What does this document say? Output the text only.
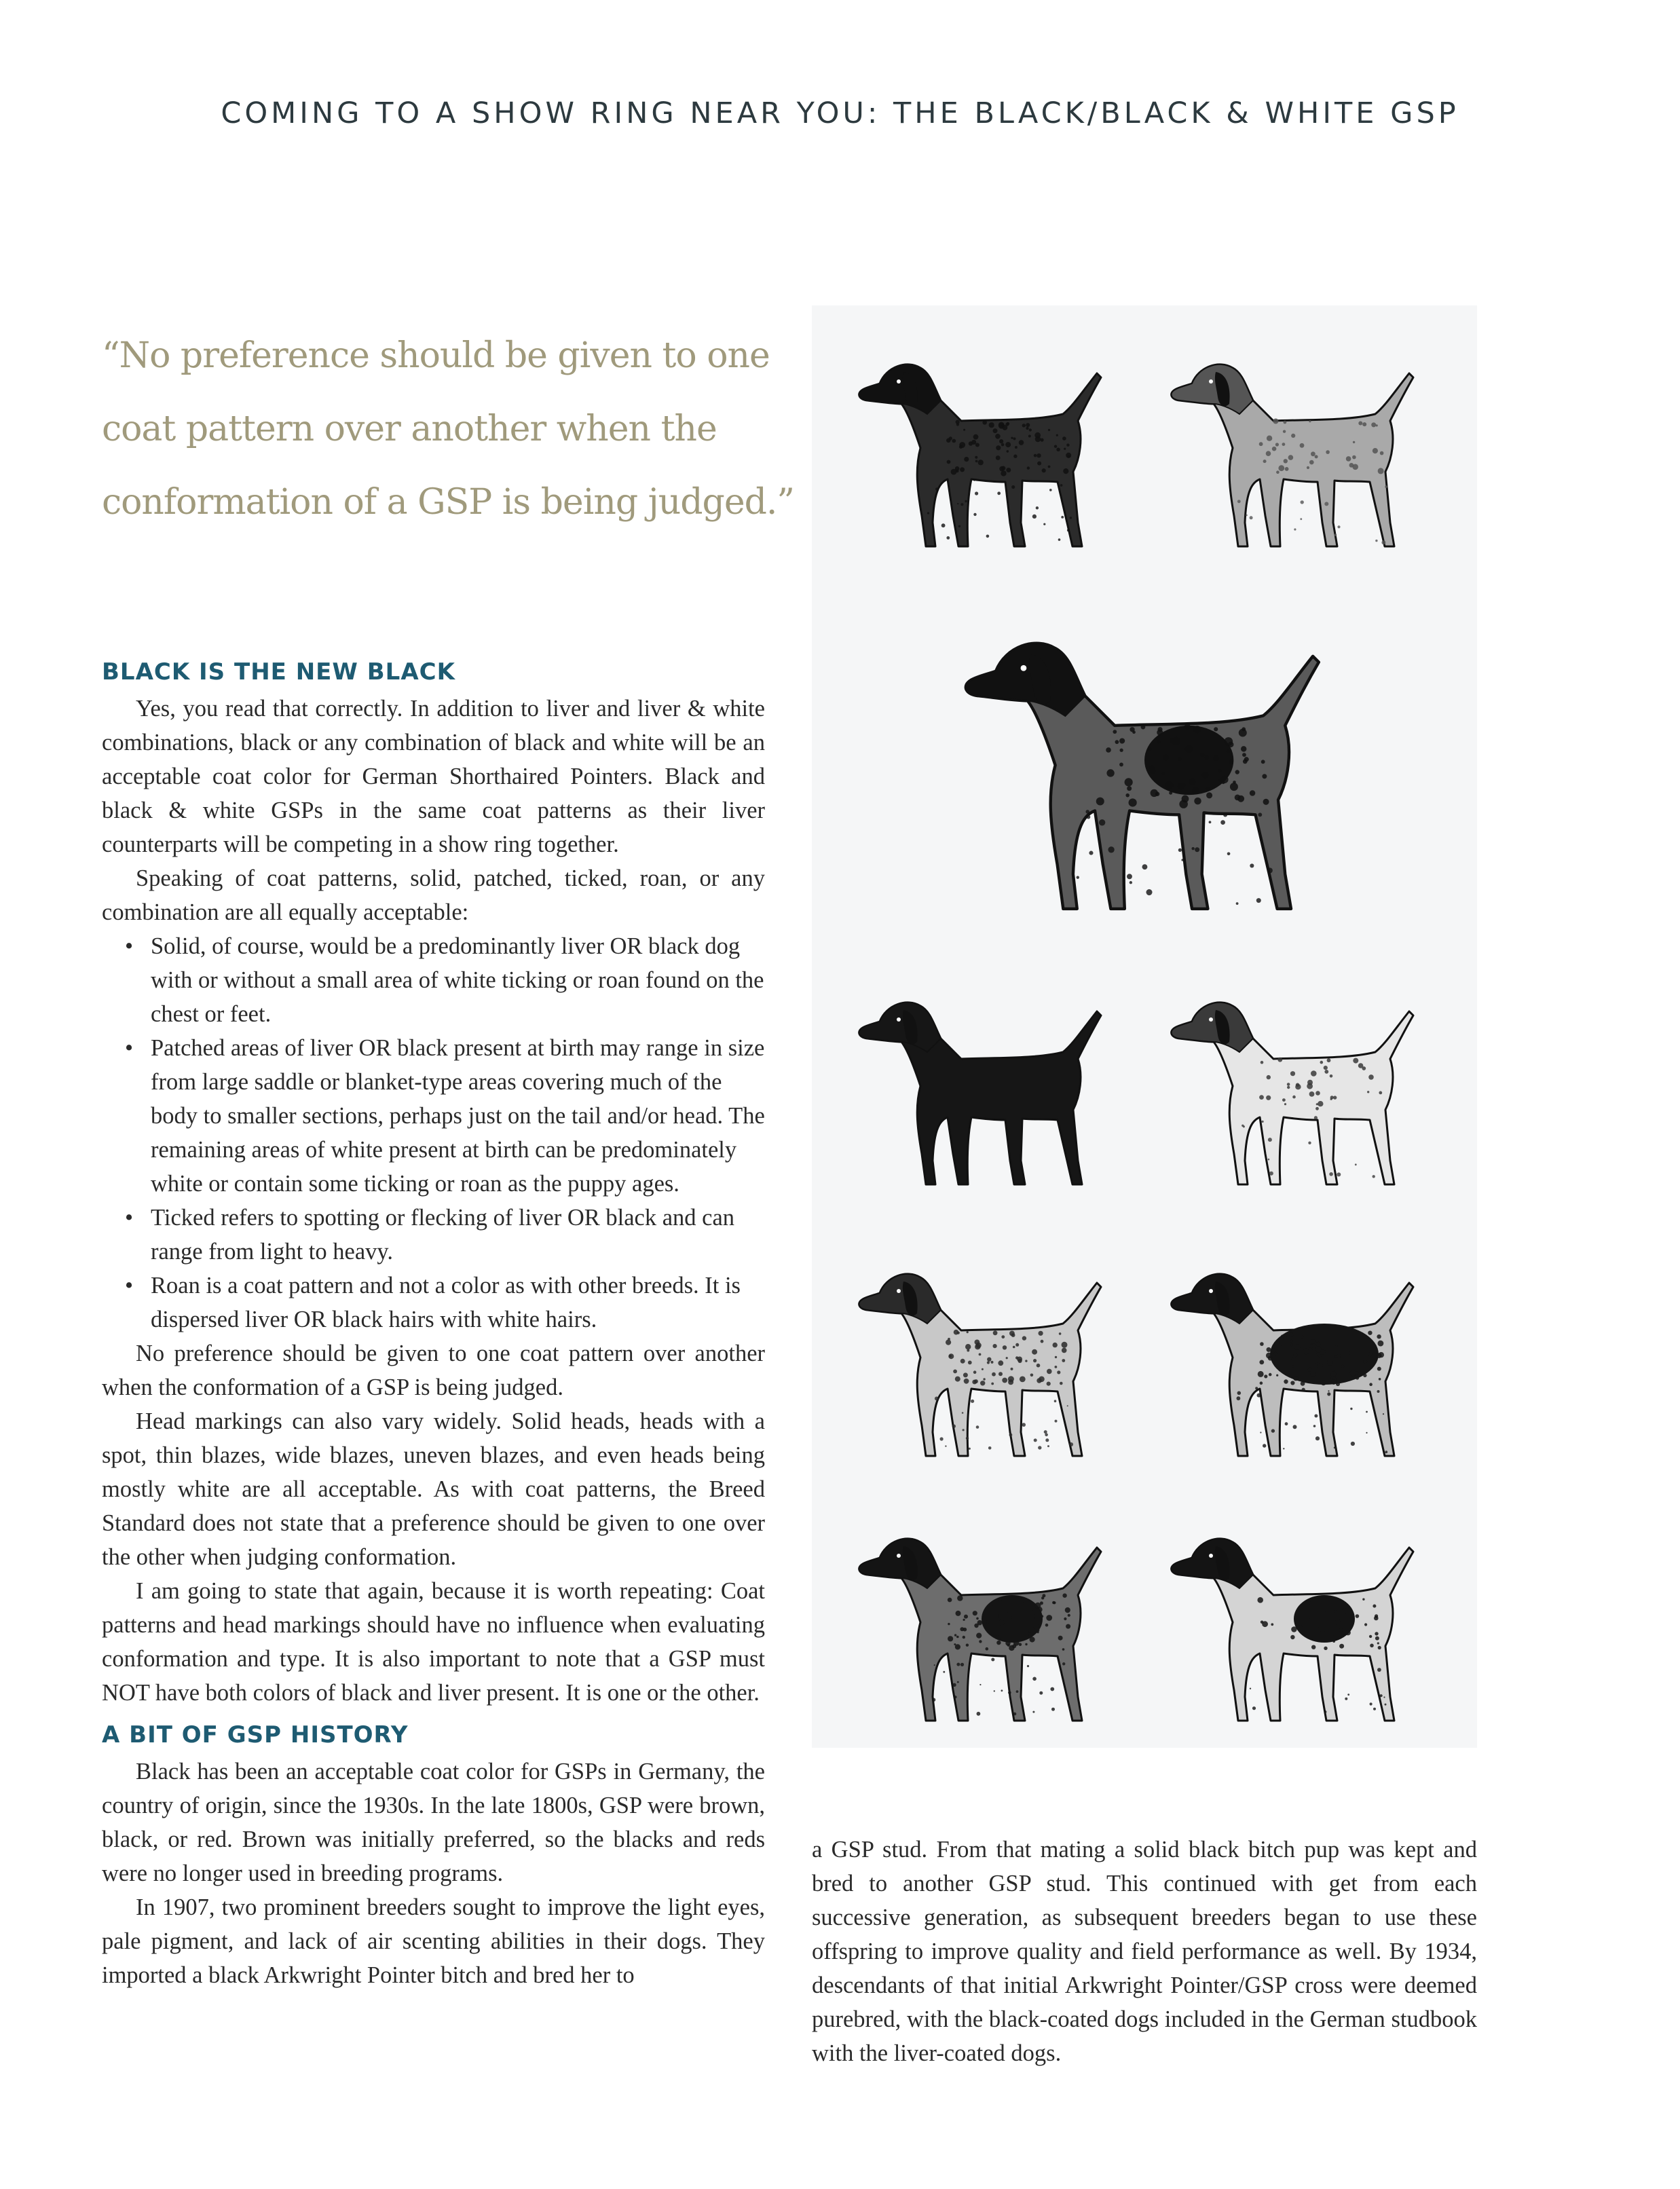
COMING TO A SHOW RING NEAR YOU: THE BLACK/BLACK & WHITE GSP
“No preference should be given to one
coat pattern over another when the
conformation of a GSP is being judged.”
BLACK IS THE NEW BLACK

Yes, you read that correctly. In addition to liver and liver & white combinations, black or any combination of black and white will be an acceptable coat color for German Shorthaired Pointers. Black and black & white GSPs in the same coat patterns as their liver counterparts will be competing in a show ring together.

Speaking of coat patterns, solid, patched, ticked, roan, or any combination are all equally acceptable:

• Solid, of course, would be a predominantly liver OR black dog with or without a small area of white ticking or roan found on the chest or feet.
• Patched areas of liver OR black present at birth may range in size from large saddle or blanket-type areas covering much of the body to smaller sections, perhaps just on the tail and/or head. The remaining areas of white present at birth can be predominately white or contain some ticking or roan as the puppy ages.
• Ticked refers to spotting or flecking of liver OR black and can range from light to heavy.
• Roan is a coat pattern and not a color as with other breeds. It is dispersed liver OR black hairs with white hairs.

No preference should be given to one coat pattern over another when the conformation of a GSP is being judged.

Head markings can also vary widely. Solid heads, heads with a spot, thin blazes, wide blazes, uneven blazes, and even heads being mostly white are all acceptable. As with coat patterns, the Breed Standard does not state that a preference should be given to one over the other when judging conformation.

I am going to state that again, because it is worth repeating: Coat patterns and head markings should have no influence when evaluating conformation and type. It is also important to note that a GSP must NOT have both colors of black and liver present. It is one or the other.

A BIT OF GSP HISTORY

Black has been an acceptable coat color for GSPs in Germany, the country of origin, since the 1930s. In the late 1800s, GSP were brown, black, or red. Brown was initially preferred, so the blacks and reds were no longer used in breeding programs.

In 1907, two prominent breeders sought to improve the light eyes, pale pigment, and lack of air scenting abilities in their dogs. They imported a black Arkwright Pointer bitch and bred her to

a GSP stud. From that mating a solid black bitch pup was kept and bred to another GSP stud. This continued with get from each successive generation, as subsequent breeders began to use these offspring to improve quality and field performance as well. By 1934, descendants of that initial Arkwright Pointer/GSP cross were deemed purebred, with the black-coated dogs included in the German studbook with the liver-coated dogs.
